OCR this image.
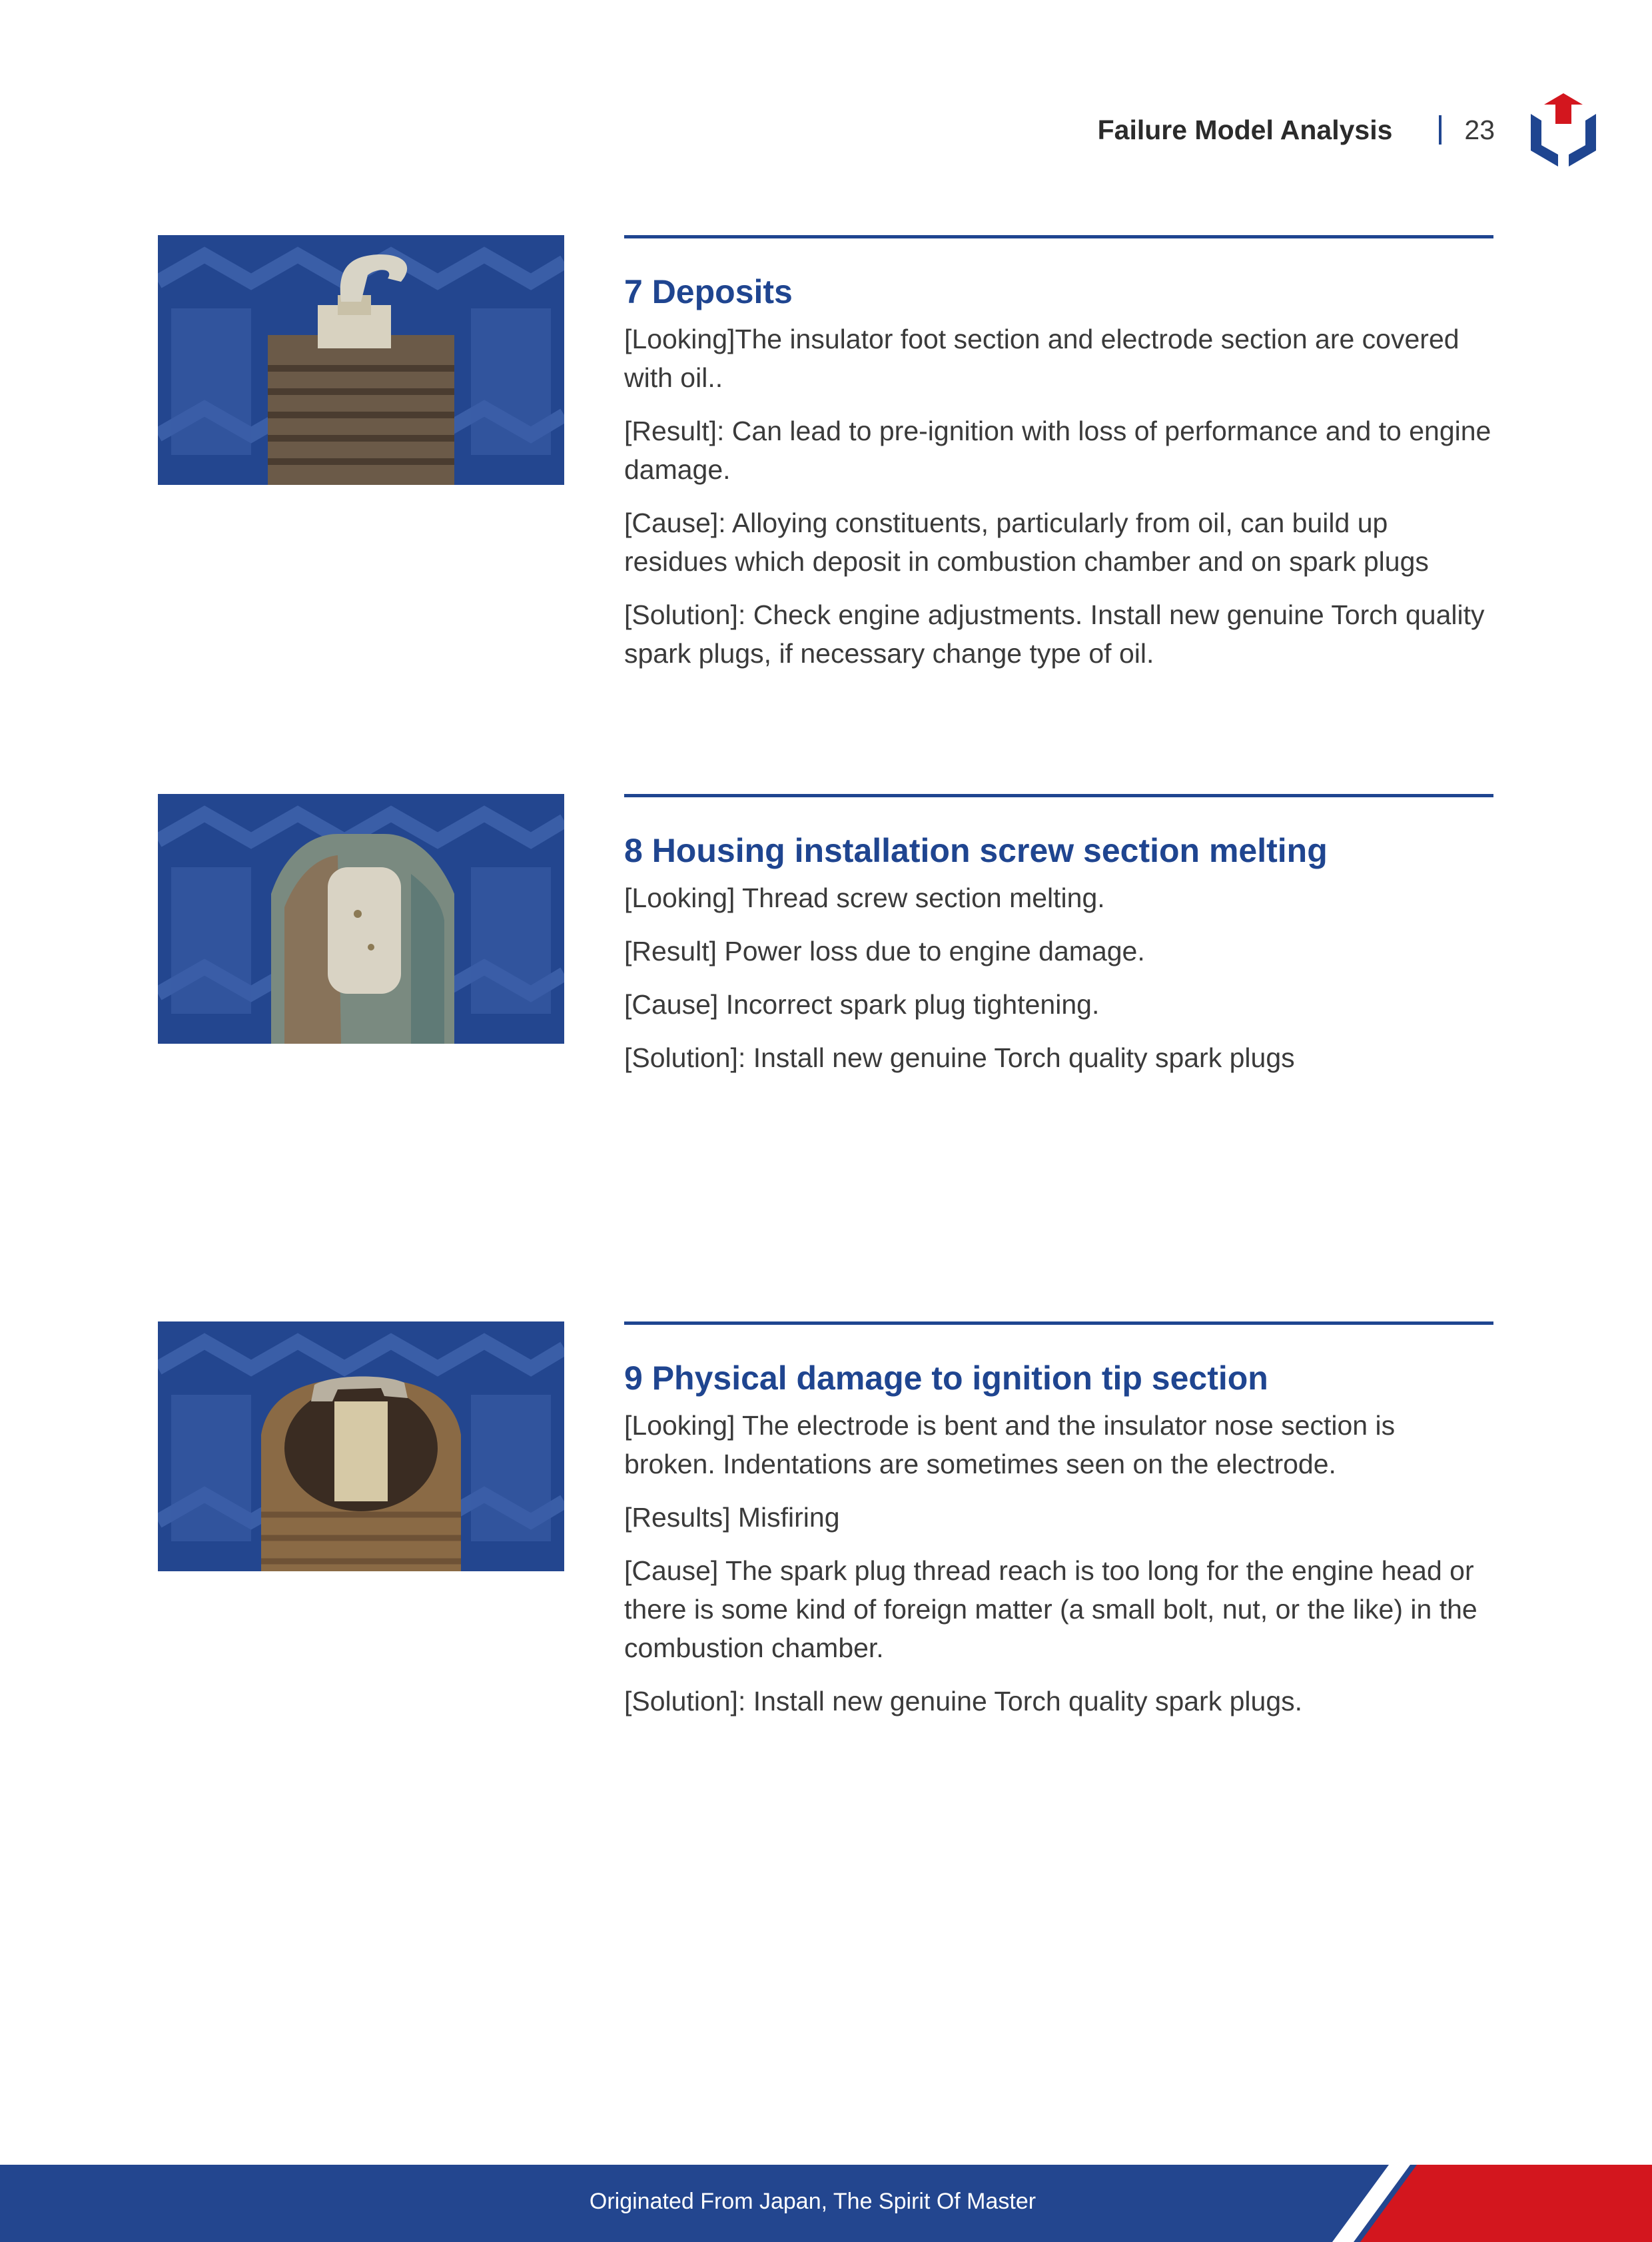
Failure Model Analysis	23
7 Deposits

[Looking]The insulator foot section and electrode section are covered with oil..

[Result]: Can lead to pre-ignition with loss of performance and to engine damage.

[Cause]: Alloying constituents, particularly from oil, can build up residues which deposit in combustion chamber and on spark plugs

[Solution]: Check engine adjustments. Install new genuine Torch quality spark plugs, if necessary change type of oil.

8 Housing installation screw section melting

[Looking] Thread screw section melting.

[Result] Power loss due to engine damage.

[Cause] Incorrect spark plug tightening.

[Solution]: Install new genuine Torch quality spark plugs

9 Physical damage to ignition tip section

[Looking] The electrode is bent and the insulator nose section is broken. Indentations are sometimes seen on the electrode.

[Results] Misfiring

[Cause] The spark plug thread reach is too long for the engine head or there is some kind of foreign matter (a small bolt, nut, or the like) in the combustion chamber.

[Solution]: Install new genuine Torch quality spark plugs.

Originated From Japan, The Spirit Of Master
